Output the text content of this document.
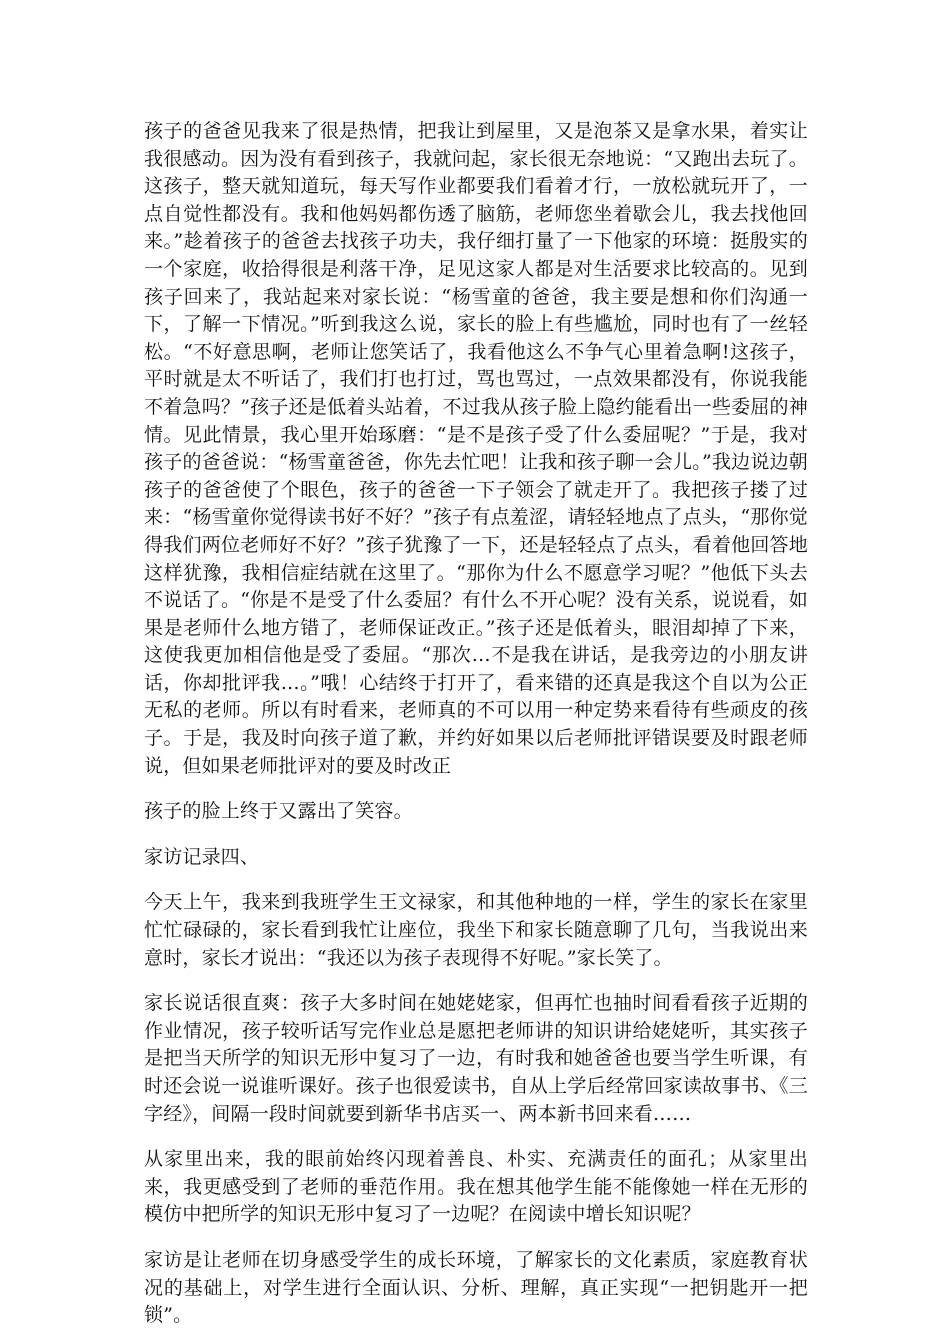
孩子的爸爸见我来了很是热情，把我让到屋里，又是泡茶又是拿水果，着实让我很感动。因为没有看到孩子，我就问起，家长很无奈地说：“又跑出去玩了。这孩子，整天就知道玩，每天写作业都要我们看着才行，一放松就玩开了，一点自觉性都没有。我和他妈妈都伤透了脑筋，老师您坐着歇会儿，我去找他回来。”趁着孩子的爸爸去找孩子功夫，我仔细打量了一下他家的环境：挺殷实的一个家庭，收拾得很是利落干净，足见这家人都是对生活要求比较高的。见到孩子回来了，我站起来对家长说：“杨雪童的爸爸，我主要是想和你们沟通一下，了解一下情况。”听到我这么说，家长的脸上有些尴尬，同时也有了一丝轻松。“不好意思啊，老师让您笑话了，我看他这么不争气心里着急啊!这孩子，平时就是太不听话了，我们打也打过，骂也骂过，一点效果都没有，你说我能不着急吗？”孩子还是低着头站着，不过我从孩子脸上隐约能看出一些委屈的神情。见此情景，我心里开始琢磨：“是不是孩子受了什么委屈呢？”于是，我对孩子的爸爸说：“杨雪童爸爸，你先去忙吧！让我和孩子聊一会儿。”我边说边朝孩子的爸爸使了个眼色，孩子的爸爸一下子领会了就走开了。我把孩子搂了过来：“杨雪童你觉得读书好不好？”孩子有点羞涩，请轻轻地点了点头，“那你觉得我们两位老师好不好？”孩子犹豫了一下，还是轻轻点了点头，看着他回答地这样犹豫，我相信症结就在这里了。“那你为什么不愿意学习呢？”他低下头去不说话了。“你是不是受了什么委屈？有什么不开心呢？没有关系，说说看，如果是老师什么地方错了，老师保证改正。”孩子还是低着头，眼泪却掉了下来，这使我更加相信他是受了委屈。“那次…不是我在讲话，是我旁边的小朋友讲话，你却批评我…。”哦！心结终于打开了，看来错的还真是我这个自以为公正无私的老师。所以有时看来，老师真的不可以用一种定势来看待有些顽皮的孩子。于是，我及时向孩子道了歉，并约好如果以后老师批评错误要及时跟老师说，但如果老师批评对的要及时改正

孩子的脸上终于又露出了笑容。

家访记录四、

今天上午，我来到我班学生王文禄家，和其他种地的一样，学生的家长在家里忙忙碌碌的，家长看到我忙让座位，我坐下和家长随意聊了几句，当我说出来意时，家长才说出：“我还以为孩子表现得不好呢。”家长笑了。

家长说话很直爽：孩子大多时间在她姥姥家，但再忙也抽时间看看孩子近期的作业情况，孩子较听话写完作业总是愿把老师讲的知识讲给姥姥听，其实孩子是把当天所学的知识无形中复习了一边，有时我和她爸爸也要当学生听课，有时还会说一说谁听课好。孩子也很爱读书，自从上学后经常回家读故事书、《三字经》，间隔一段时间就要到新华书店买一、两本新书回来看……

从家里出来，我的眼前始终闪现着善良、朴实、充满责任的面孔；从家里出来，我更感受到了老师的垂范作用。我在想其他学生能不能像她一样在无形的模仿中把所学的知识无形中复习了一边呢？在阅读中增长知识呢？

家访是让老师在切身感受学生的成长环境，了解家长的文化素质，家庭教育状况的基础上，对学生进行全面认识、分析、理解，真正实现“一把钥匙开一把锁”。
